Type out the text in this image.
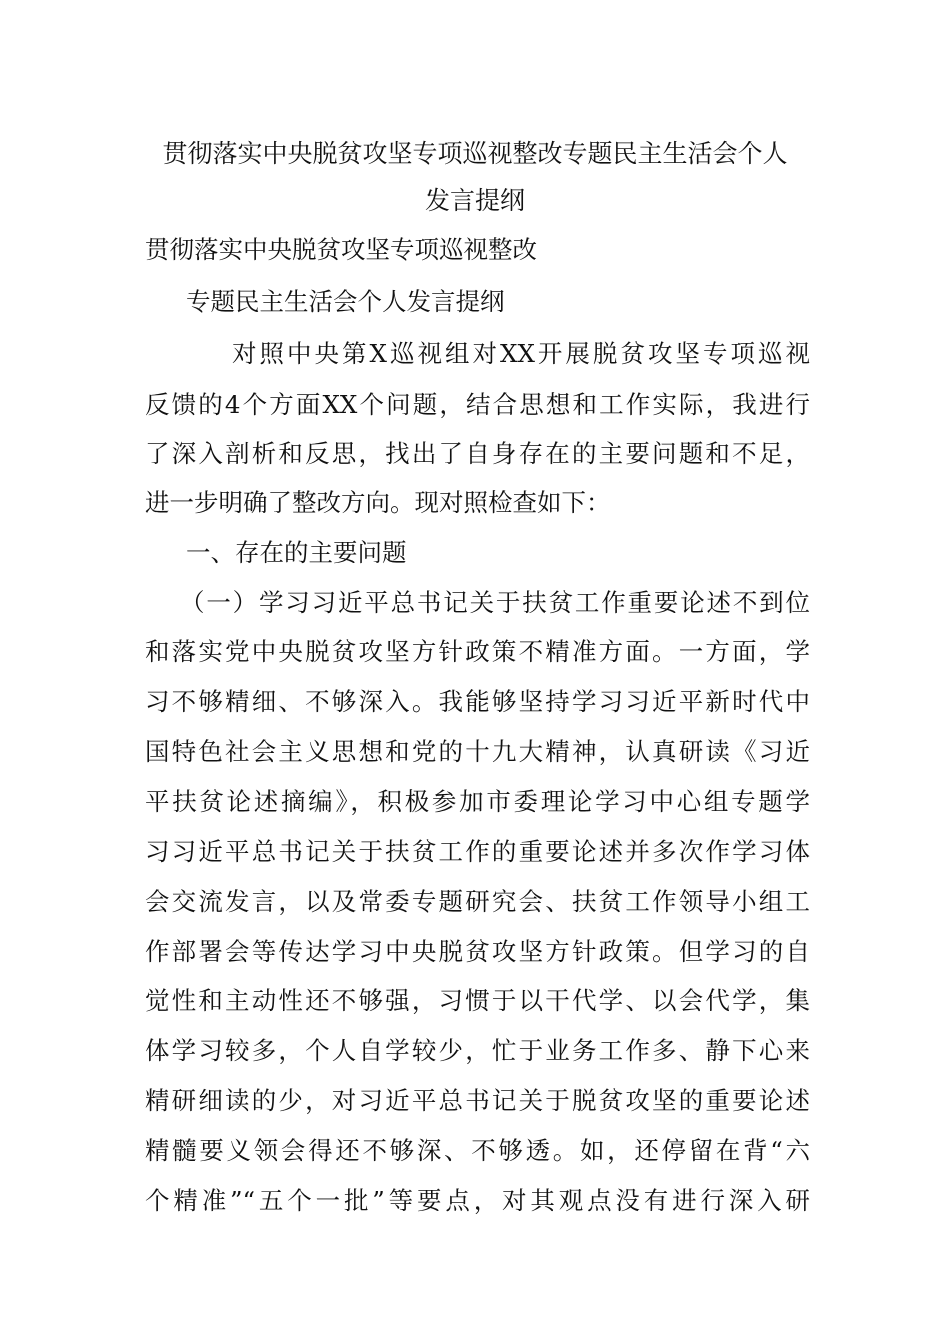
贯彻落实中央脱贫攻坚专项巡视整改专题民主生活会个人
发言提纲
贯彻落实中央脱贫攻坚专项巡视整改
专题民主生活会个人发言提纲
对照中央第X巡视组对XX开展脱贫攻坚专项巡视
反馈的4个方面XX个问题，结合思想和工作实际，我进行
了深入剖析和反思，找出了自身存在的主要问题和不足，
进一步明确了整改方向。现对照检查如下：
一、存在的主要问题
（一）学习习近平总书记关于扶贫工作重要论述不到位
和落实党中央脱贫攻坚方针政策不精准方面。一方面，学
习不够精细、不够深入。我能够坚持学习习近平新时代中
国特色社会主义思想和党的十九大精神，认真研读《习近
平扶贫论述摘编》，积极参加市委理论学习中心组专题学
习习近平总书记关于扶贫工作的重要论述并多次作学习体
会交流发言，以及常委专题研究会、扶贫工作领导小组工
作部署会等传达学习中央脱贫攻坚方针政策。但学习的自
觉性和主动性还不够强，习惯于以干代学、以会代学，集
体学习较多，个人自学较少，忙于业务工作多、静下心来
精研细读的少，对习近平总书记关于脱贫攻坚的重要论述
精髓要义领会得还不够深、不够透。如，还停留在背“六
个精准”“五个一批”等要点，对其观点没有进行深入研
